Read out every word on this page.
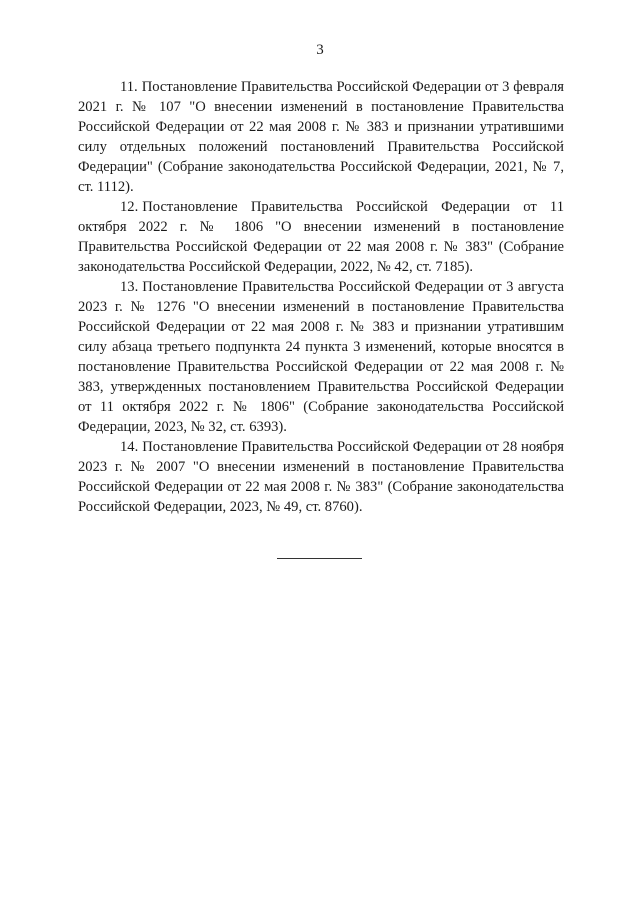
3

11. Постановление Правительства Российской Федерации от 3 февраля 2021 г. № 107 "О внесении изменений в постановление Правительства Российской Федерации от 22 мая 2008 г. № 383 и признании утратившими силу отдельных положений постановлений Правительства Российской Федерации" (Собрание законодательства Российской Федерации, 2021, № 7, ст. 1112).

12. Постановление Правительства Российской Федерации от 11 октября 2022 г. № 1806 "О внесении изменений в постановление Правительства Российской Федерации от 22 мая 2008 г. № 383" (Собрание законодательства Российской Федерации, 2022, № 42, ст. 7185).

13. Постановление Правительства Российской Федерации от 3 августа 2023 г. № 1276 "О внесении изменений в постановление Правительства Российской Федерации от 22 мая 2008 г. № 383 и признании утратившим силу абзаца третьего подпункта 24 пункта 3 изменений, которые вносятся в постановление Правительства Российской Федерации от 22 мая 2008 г. № 383, утвержденных постановлением Правительства Российской Федерации от 11 октября 2022 г. № 1806" (Собрание законодательства Российской Федерации, 2023, № 32, ст. 6393).

14. Постановление Правительства Российской Федерации от 28 ноября 2023 г. № 2007 "О внесении изменений в постановление Правительства Российской Федерации от 22 мая 2008 г. № 383" (Собрание законодательства Российской Федерации, 2023, № 49, ст. 8760).
